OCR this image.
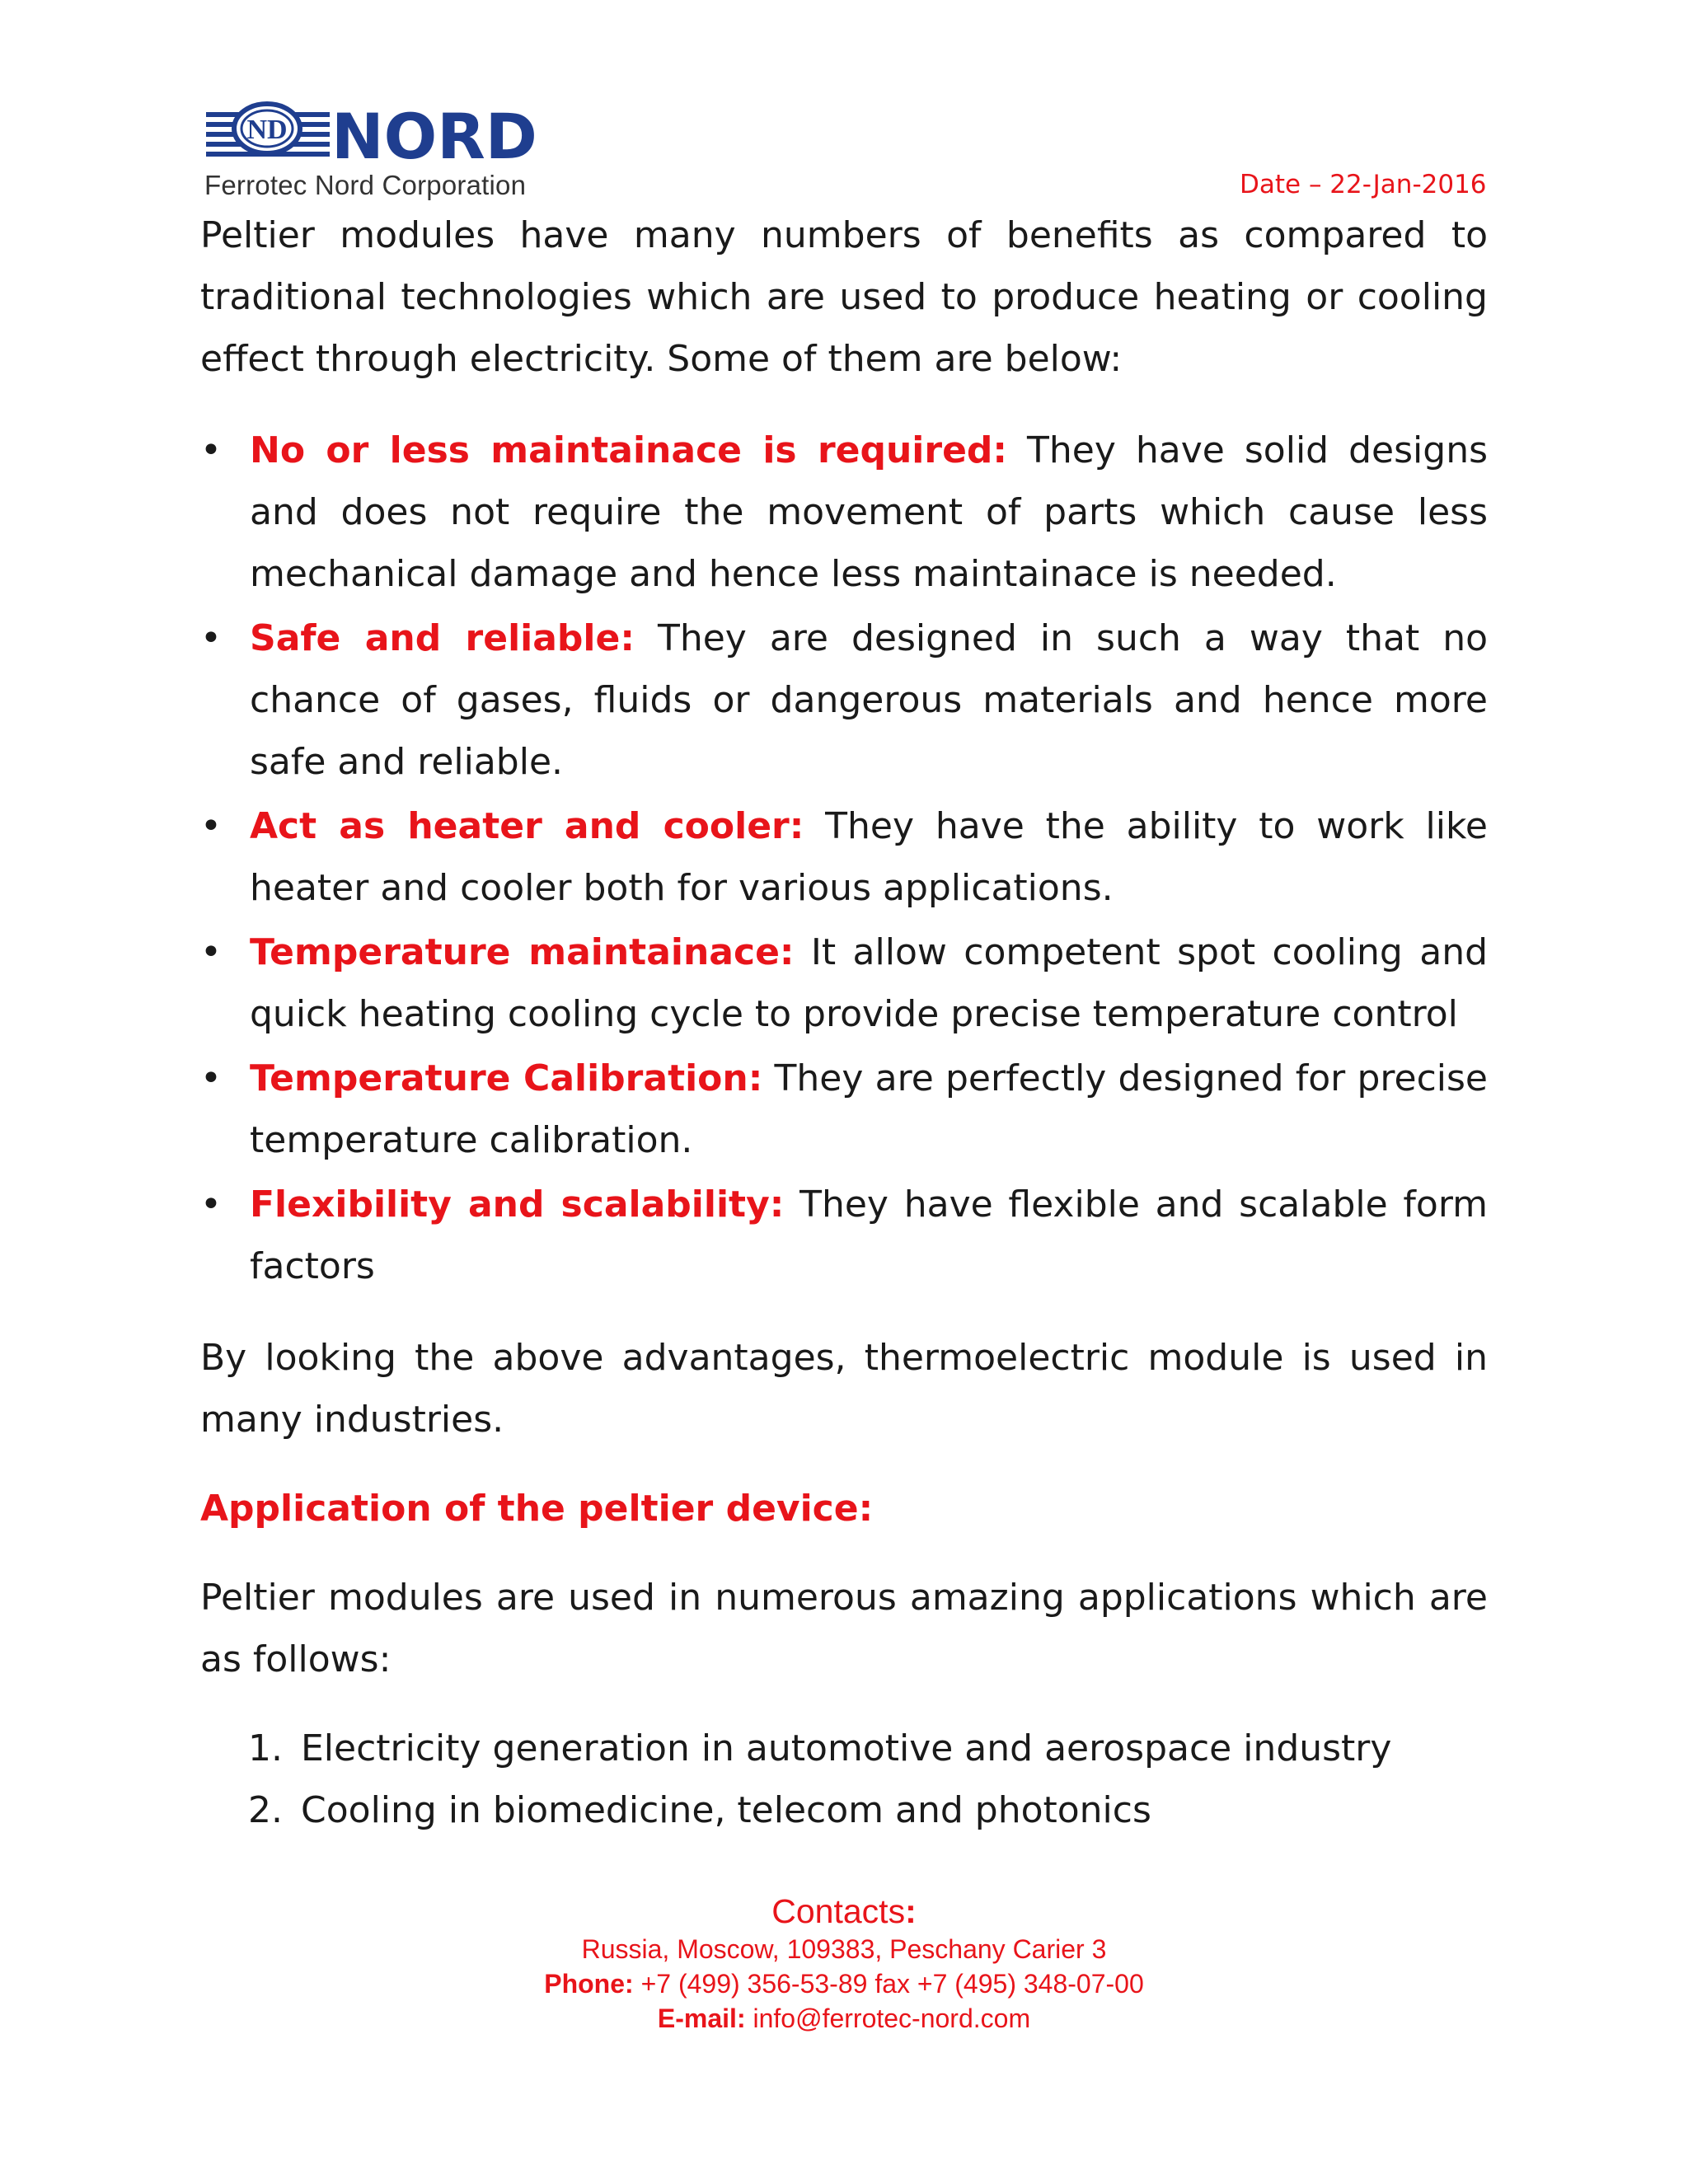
ND NORD
Ferrotec Nord Corporation	Date – 22-Jan-2016

Peltier modules have many numbers of benefits as compared to traditional technologies which are used to produce heating or cooling effect through electricity. Some of them are below:

• No or less maintainace is required: They have solid designs and does not require the movement of parts which cause less mechanical damage and hence less maintainace is needed.
• Safe and reliable: They are designed in such a way that no chance of gases, fluids or dangerous materials and hence more safe and reliable.
• Act as heater and cooler: They have the ability to work like heater and cooler both for various applications.
• Temperature maintainace: It allow competent spot cooling and quick heating cooling cycle to provide precise temperature control
• Temperature Calibration: They are perfectly designed for precise temperature calibration.
• Flexibility and scalability: They have flexible and scalable form factors

By looking the above advantages, thermoelectric module is used in many industries.

Application of the peltier device:

Peltier modules are used in numerous amazing applications which are as follows:

1. Electricity generation in automotive and aerospace industry
2. Cooling in biomedicine, telecom and photonics
Contacts:
Russia, Moscow, 109383, Peschany Carier 3
Phone: +7 (499) 356-53-89 fax +7 (495) 348-07-00
E-mail: info@ferrotec-nord.com
